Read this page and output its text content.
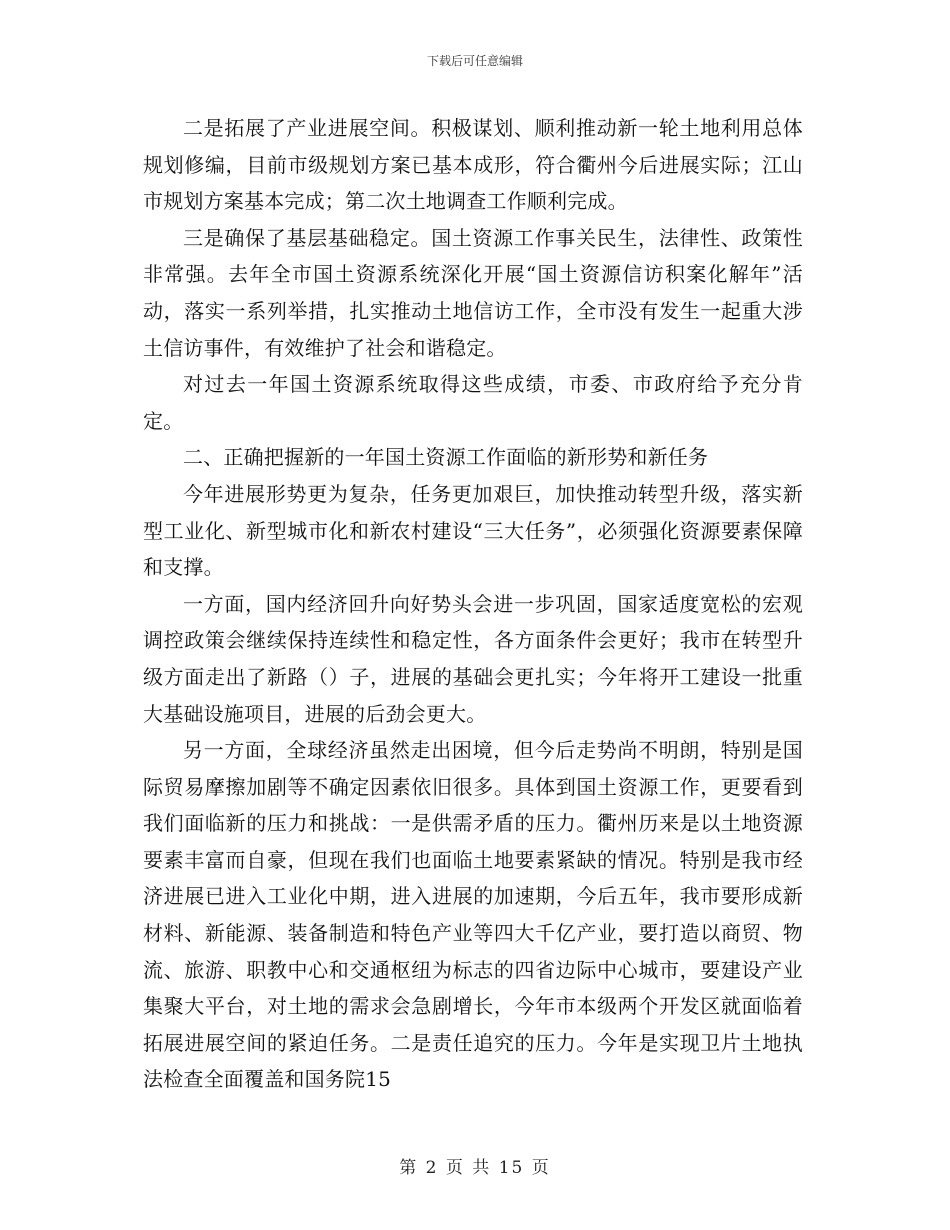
下载后可任意编辑

二是拓展了产业进展空间。积极谋划、顺利推动新一轮土地利用总体规划修编，目前市级规划方案已基本成形，符合衢州今后进展实际；江山市规划方案基本完成；第二次土地调查工作顺利完成。

三是确保了基层基础稳定。国土资源工作事关民生，法律性、政策性非常强。去年全市国土资源系统深化开展“国土资源信访积案化解年”活动，落实一系列举措，扎实推动土地信访工作，全市没有发生一起重大涉土信访事件，有效维护了社会和谐稳定。

对过去一年国土资源系统取得这些成绩，市委、市政府给予充分肯定。

二、正确把握新的一年国土资源工作面临的新形势和新任务

今年进展形势更为复杂，任务更加艰巨，加快推动转型升级，落实新型工业化、新型城市化和新农村建设“三大任务”，必须强化资源要素保障和支撑。

一方面，国内经济回升向好势头会进一步巩固，国家适度宽松的宏观调控政策会继续保持连续性和稳定性，各方面条件会更好；我市在转型升级方面走出了新路（）子，进展的基础会更扎实；今年将开工建设一批重大基础设施项目，进展的后劲会更大。

另一方面，全球经济虽然走出困境，但今后走势尚不明朗，特别是国际贸易摩擦加剧等不确定因素依旧很多。具体到国土资源工作，更要看到我们面临新的压力和挑战：一是供需矛盾的压力。衢州历来是以土地资源要素丰富而自豪，但现在我们也面临土地要素紧缺的情况。特别是我市经济进展已进入工业化中期，进入进展的加速期，今后五年，我市要形成新材料、新能源、装备制造和特色产业等四大千亿产业，要打造以商贸、物流、旅游、职教中心和交通枢纽为标志的四省边际中心城市，要建设产业集聚大平台，对土地的需求会急剧增长，今年市本级两个开发区就面临着拓展进展空间的紧迫任务。二是责任追究的压力。今年是实现卫片土地执法检查全面覆盖和国务院15

第 2 页 共 15 页
